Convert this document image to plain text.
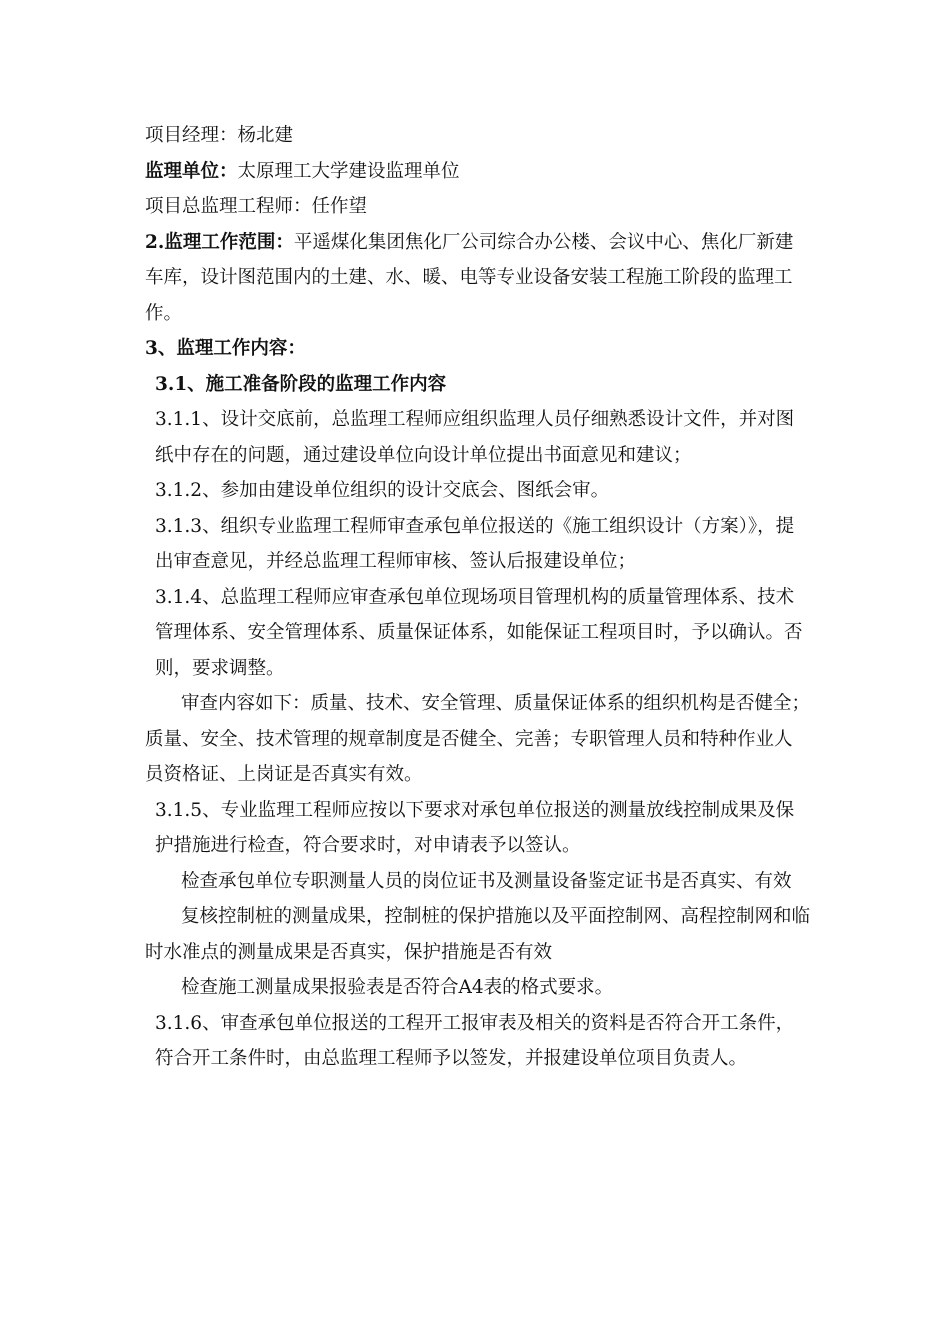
项目经理：杨北建

监理单位：太原理工大学建设监理单位

项目总监理工程师：任作望

2.监理工作范围：平遥煤化集团焦化厂公司综合办公楼、会议中心、焦化厂新建车库，设计图范围内的土建、水、暖、电等专业设备安装工程施工阶段的监理工作。

3、监理工作内容：

3.1、施工准备阶段的监理工作内容

3.1.1、设计交底前，总监理工程师应组织监理人员仔细熟悉设计文件，并对图纸中存在的问题，通过建设单位向设计单位提出书面意见和建议；

3.1.2、参加由建设单位组织的设计交底会、图纸会审。

3.1.3、组织专业监理工程师审查承包单位报送的《施工组织设计（方案）》，提出审查意见，并经总监理工程师审核、签认后报建设单位；

3.1.4、总监理工程师应审查承包单位现场项目管理机构的质量管理体系、技术管理体系、安全管理体系、质量保证体系，如能保证工程项目时，予以确认。否则，要求调整。

审查内容如下：质量、技术、安全管理、质量保证体系的组织机构是否健全；质量、安全、技术管理的规章制度是否健全、完善；专职管理人员和特种作业人员资格证、上岗证是否真实有效。

3.1.5、专业监理工程师应按以下要求对承包单位报送的测量放线控制成果及保护措施进行检查，符合要求时，对申请表予以签认。

检查承包单位专职测量人员的岗位证书及测量设备鉴定证书是否真实、有效

复核控制桩的测量成果，控制桩的保护措施以及平面控制网、高程控制网和临时水准点的测量成果是否真实，保护措施是否有效

检查施工测量成果报验表是否符合A4表的格式要求。

3.1.6、审查承包单位报送的工程开工报审表及相关的资料是否符合开工条件，符合开工条件时，由总监理工程师予以签发，并报建设单位项目负责人。
